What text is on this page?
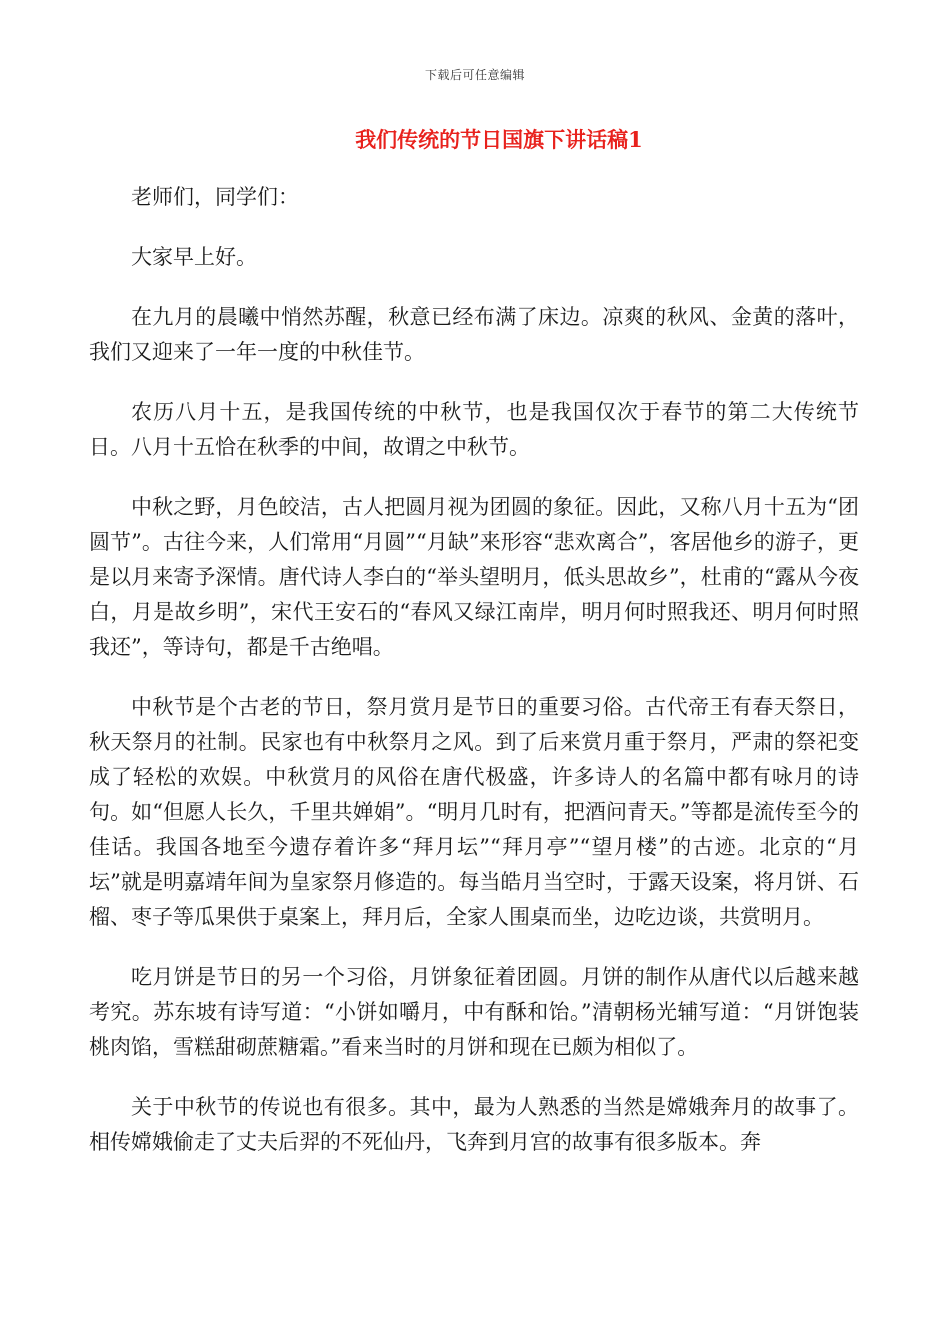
下载后可任意编辑
我们传统的节日国旗下讲话稿1

老师们，同学们：

大家早上好。

在九月的晨曦中悄然苏醒，秋意已经布满了床边。凉爽的秋风、金黄的落叶，我们又迎来了一年一度的中秋佳节。

农历八月十五，是我国传统的中秋节，也是我国仅次于春节的第二大传统节日。八月十五恰在秋季的中间，故谓之中秋节。

中秋之野，月色皎洁，古人把圆月视为团圆的象征。因此，又称八月十五为“团圆节”。古往今来，人们常用“月圆”“月缺”来形容“悲欢离合”，客居他乡的游子，更是以月来寄予深情。唐代诗人李白的“举头望明月，低头思故乡”，杜甫的“露从今夜白，月是故乡明”，宋代王安石的“春风又绿江南岸，明月何时照我还、明月何时照我还”，等诗句，都是千古绝唱。

中秋节是个古老的节日，祭月赏月是节日的重要习俗。古代帝王有春天祭日，秋天祭月的社制。民家也有中秋祭月之风。到了后来赏月重于祭月，严肃的祭祀变成了轻松的欢娱。中秋赏月的风俗在唐代极盛，许多诗人的名篇中都有咏月的诗句。如“但愿人长久，千里共婵娟”。“明月几时有，把酒问青天。”等都是流传至今的佳话。我国各地至今遗存着许多“拜月坛”“拜月亭”“望月楼”的古迹。北京的“月坛”就是明嘉靖年间为皇家祭月修造的。每当皓月当空时，于露天设案，将月饼、石榴、枣子等瓜果供于桌案上，拜月后，全家人围桌而坐，边吃边谈，共赏明月。

吃月饼是节日的另一个习俗，月饼象征着团圆。月饼的制作从唐代以后越来越考究。苏东坡有诗写道：“小饼如嚼月，中有酥和饴。”清朝杨光辅写道：“月饼饱装桃肉馅，雪糕甜砌蔗糖霜。”看来当时的月饼和现在已颇为相似了。

关于中秋节的传说也有很多。其中，最为人熟悉的当然是嫦娥奔月的故事了。相传嫦娥偷走了丈夫后羿的不死仙丹，飞奔到月宫的故事有很多版本。奔
